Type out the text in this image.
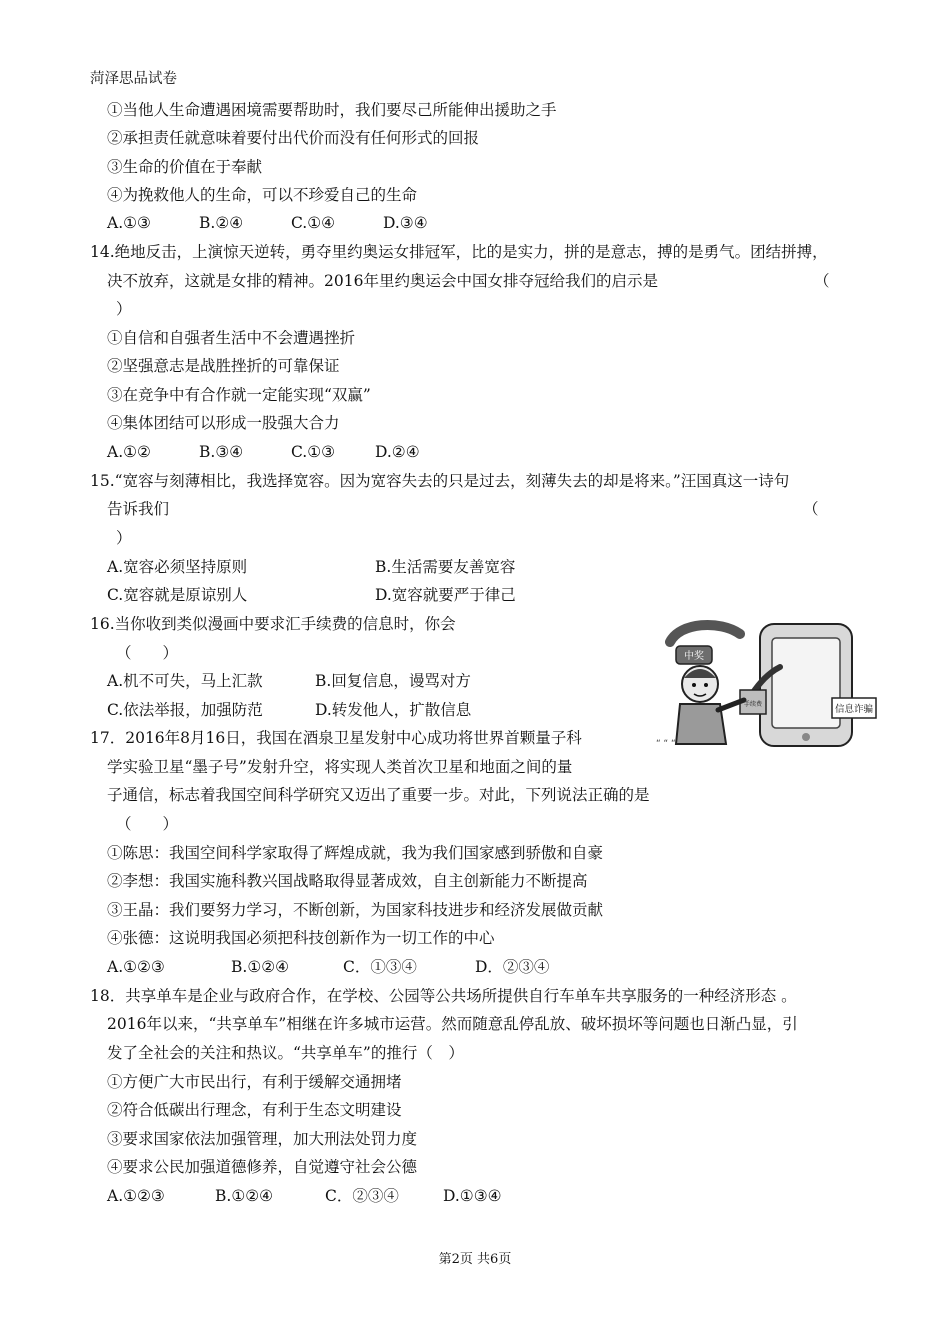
菏泽思品试卷
①当他人生命遭遇困境需要帮助时，我们要尽己所能伸出援助之手
②承担责任就意味着要付出代价而没有任何形式的回报
③生命的价值在于奉献
④为挽救他人的生命，可以不珍爱自己的生命
A.①③	B.②④	C.①④	D.③④
14.绝地反击，上演惊天逆转，勇夺里约奥运女排冠军，比的是实力，拼的是意志，搏的是勇气。团结拼搏，
决不放弃，这就是女排的精神。2016年里约奥运会中国女排夺冠给我们的启示是	（
）
①自信和自强者生活中不会遭遇挫折
②坚强意志是战胜挫折的可靠保证
③在竞争中有合作就一定能实现“双赢”
④集体团结可以形成一股强大合力
A.①②	B.③④	C.①③	D.②④
15.“宽容与刻薄相比，我选择宽容。因为宽容失去的只是过去，刻薄失去的却是将来。”汪国真这一诗句
告诉我们	（
）
A.宽容必须坚持原则	B.生活需要友善宽容
C.宽容就是原谅别人	D.宽容就要严于律己
16.当你收到类似漫画中要求汇手续费的信息时，你会
（　　）
A.机不可失，马上汇款	B.回复信息，谩骂对方
C.依法举报，加强防范	D.转发他人，扩散信息	手续费
中奖
信息诈骗
“ “ “
17．2016年8月16日，我国在酒泉卫星发射中心成功将世界首颗量子科
学实验卫星“墨子号”发射升空，将实现人类首次卫星和地面之间的量
子通信，标志着我国空间科学研究又迈出了重要一步。对此，下列说法正确的是
（　　）
①陈思：我国空间科学家取得了辉煌成就，我为我们国家感到骄傲和自豪
②李想：我国实施科教兴国战略取得显著成效，自主创新能力不断提高
③王晶：我们要努力学习，不断创新，为国家科技进步和经济发展做贡献
④张德：这说明我国必须把科技创新作为一切工作的中心
A.①②③	B.①②④	C．①③④	D．②③④
18．共享单车是企业与政府合作，在学校、公园等公共场所提供自行车单车共享服务的一种经济形态 。
2016年以来，“共享单车”相继在许多城市运营。然而随意乱停乱放、破坏损坏等问题也日渐凸显，引
发了全社会的关注和热议。“共享单车”的推行（　）
①方便广大市民出行，有利于缓解交通拥堵
②符合低碳出行理念，有利于生态文明建设
③要求国家依法加强管理，加大刑法处罚力度
④要求公民加强道德修养，自觉遵守社会公德
A.①②③	B.①②④	C．②③④	D.①③④
第2页 共6页
